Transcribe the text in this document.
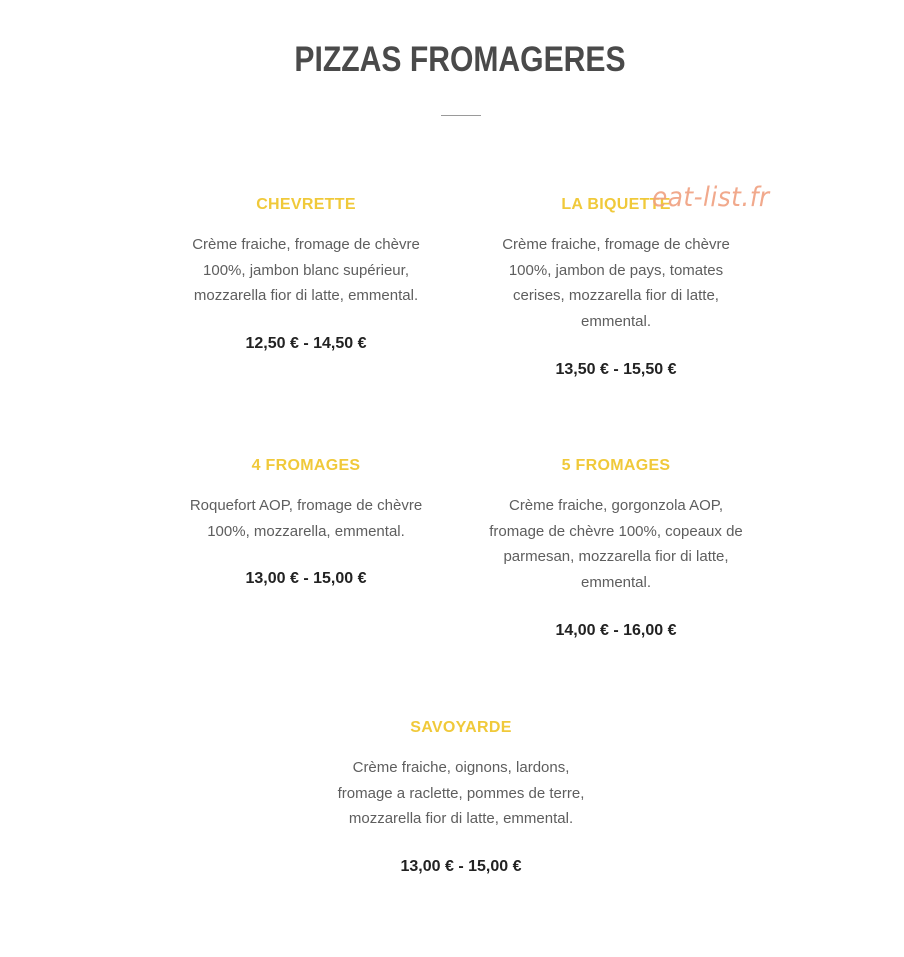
PIZZAS FROMAGERES
CHEVRETTE
Crème fraiche, fromage de chèvre
100%, jambon blanc supérieur,
mozzarella fior di latte, emmental.
12,50 € - 14,50 €
LA BIQUETTE
Crème fraiche, fromage de chèvre
100%, jambon de pays, tomates
cerises, mozzarella fior di latte,
emmental.
13,50 € - 15,50 €
4 FROMAGES
Roquefort AOP, fromage de chèvre
100%, mozzarella, emmental.
13,00 € - 15,00 €
5 FROMAGES
Crème fraiche, gorgonzola AOP,
fromage de chèvre 100%, copeaux de
parmesan, mozzarella fior di latte,
emmental.
14,00 € - 16,00 €
SAVOYARDE
Crème fraiche, oignons, lardons,
fromage a raclette, pommes de terre,
mozzarella fior di latte, emmental.
13,00 € - 15,00 €
eat-list.fr
